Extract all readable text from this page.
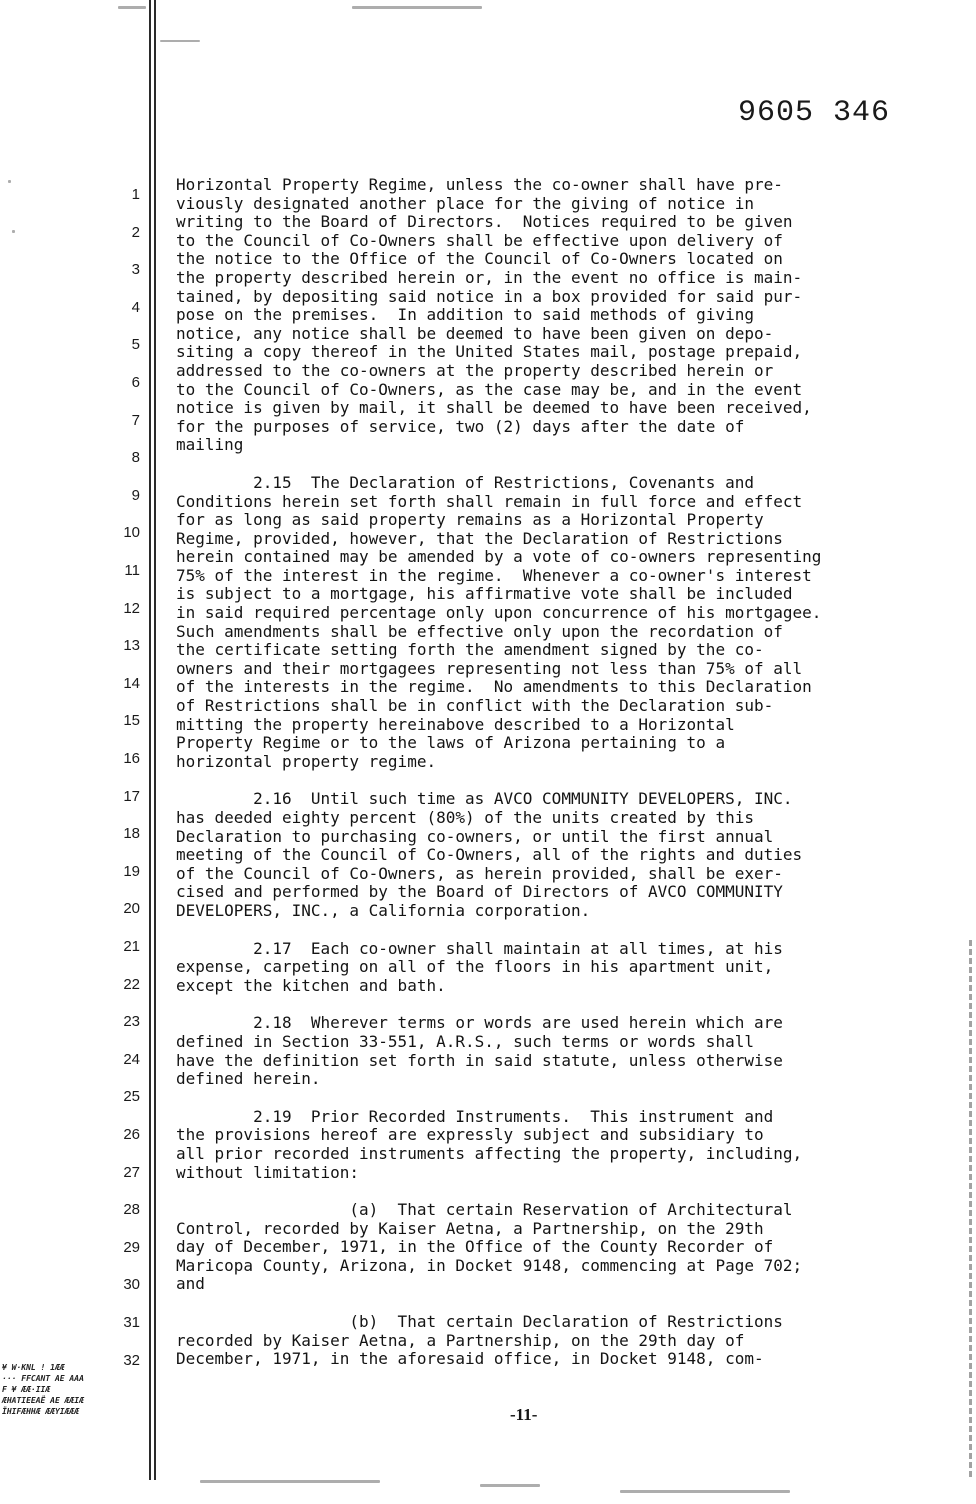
9605 346
1
2
3
4
5
6
7
8
9
10
11
12
13
14
15
16
17
18
19
20
21
22
23
24
25
26
27
28
29
30
31
32
Horizontal Property Regime, unless the co-owner shall have pre-
viously designated another place for the giving of notice in
writing to the Board of Directors.  Notices required to be given
to the Council of Co-Owners shall be effective upon delivery of
the notice to the Office of the Council of Co-Owners located on
the property described herein or, in the event no office is main-
tained, by depositing said notice in a box provided for said pur-
pose on the premises.  In addition to said methods of giving
notice, any notice shall be deemed to have been given on depo-
siting a copy thereof in the United States mail, postage prepaid,
addressed to the co-owners at the property described herein or
to the Council of Co-Owners, as the case may be, and in the event
notice is given by mail, it shall be deemed to have been received,
for the purposes of service, two (2) days after the date of
mailing
2.15  The Declaration of Restrictions, Covenants and
Conditions herein set forth shall remain in full force and effect
for as long as said property remains as a Horizontal Property
Regime, provided, however, that the Declaration of Restrictions
herein contained may be amended by a vote of co-owners representing
75% of the interest in the regime.  Whenever a co-owner's interest
is subject to a mortgage, his affirmative vote shall be included
in said required percentage only upon concurrence of his mortgagee.
Such amendments shall be effective only upon the recordation of
the certificate setting forth the amendment signed by the co-
owners and their mortgagees representing not less than 75% of all
of the interests in the regime.  No amendments to this Declaration
of Restrictions shall be in conflict with the Declaration sub-
mitting the property hereinabove described to a Horizontal
Property Regime or to the laws of Arizona pertaining to a
horizontal property regime.
2.16  Until such time as AVCO COMMUNITY DEVELOPERS, INC.
has deeded eighty percent (80%) of the units created by this
Declaration to purchasing co-owners, or until the first annual
meeting of the Council of Co-Owners, all of the rights and duties
of the Council of Co-Owners, as herein provided, shall be exer-
cised and performed by the Board of Directors of AVCO COMMUNITY
DEVELOPERS, INC., a California corporation.
2.17  Each co-owner shall maintain at all times, at his
expense, carpeting on all of the floors in his apartment unit,
except the kitchen and bath.
2.18  Wherever terms or words are used herein which are
defined in Section 33-551, A.R.S., such terms or words shall
have the definition set forth in said statute, unless otherwise
defined herein.
2.19  Prior Recorded Instruments.  This instrument and
the provisions hereof are expressly subject and subsidiary to
all prior recorded instruments affecting the property, including,
without limitation:
(a)  That certain Reservation of Architectural
Control, recorded by Kaiser Aetna, a Partnership, on the 29th
day of December, 1971, in the Office of the County Recorder of
Maricopa County, Arizona, in Docket 9148, commencing at Page 702;
and
(b)  That certain Declaration of Restrictions
recorded by Kaiser Aetna, a Partnership, on the 29th day of
December, 1971, in the aforesaid office, in Docket 9148, com-
-11-
¥ W·KNL ! 1ÆÆ
··· FFCANT AE AAA
F ¥ ÆÆ·IIÆ
ÆHATIEEAË AE ÆÆIÆ
ÏHIFÆHHÆ ÆÆYIÆÆÆ
